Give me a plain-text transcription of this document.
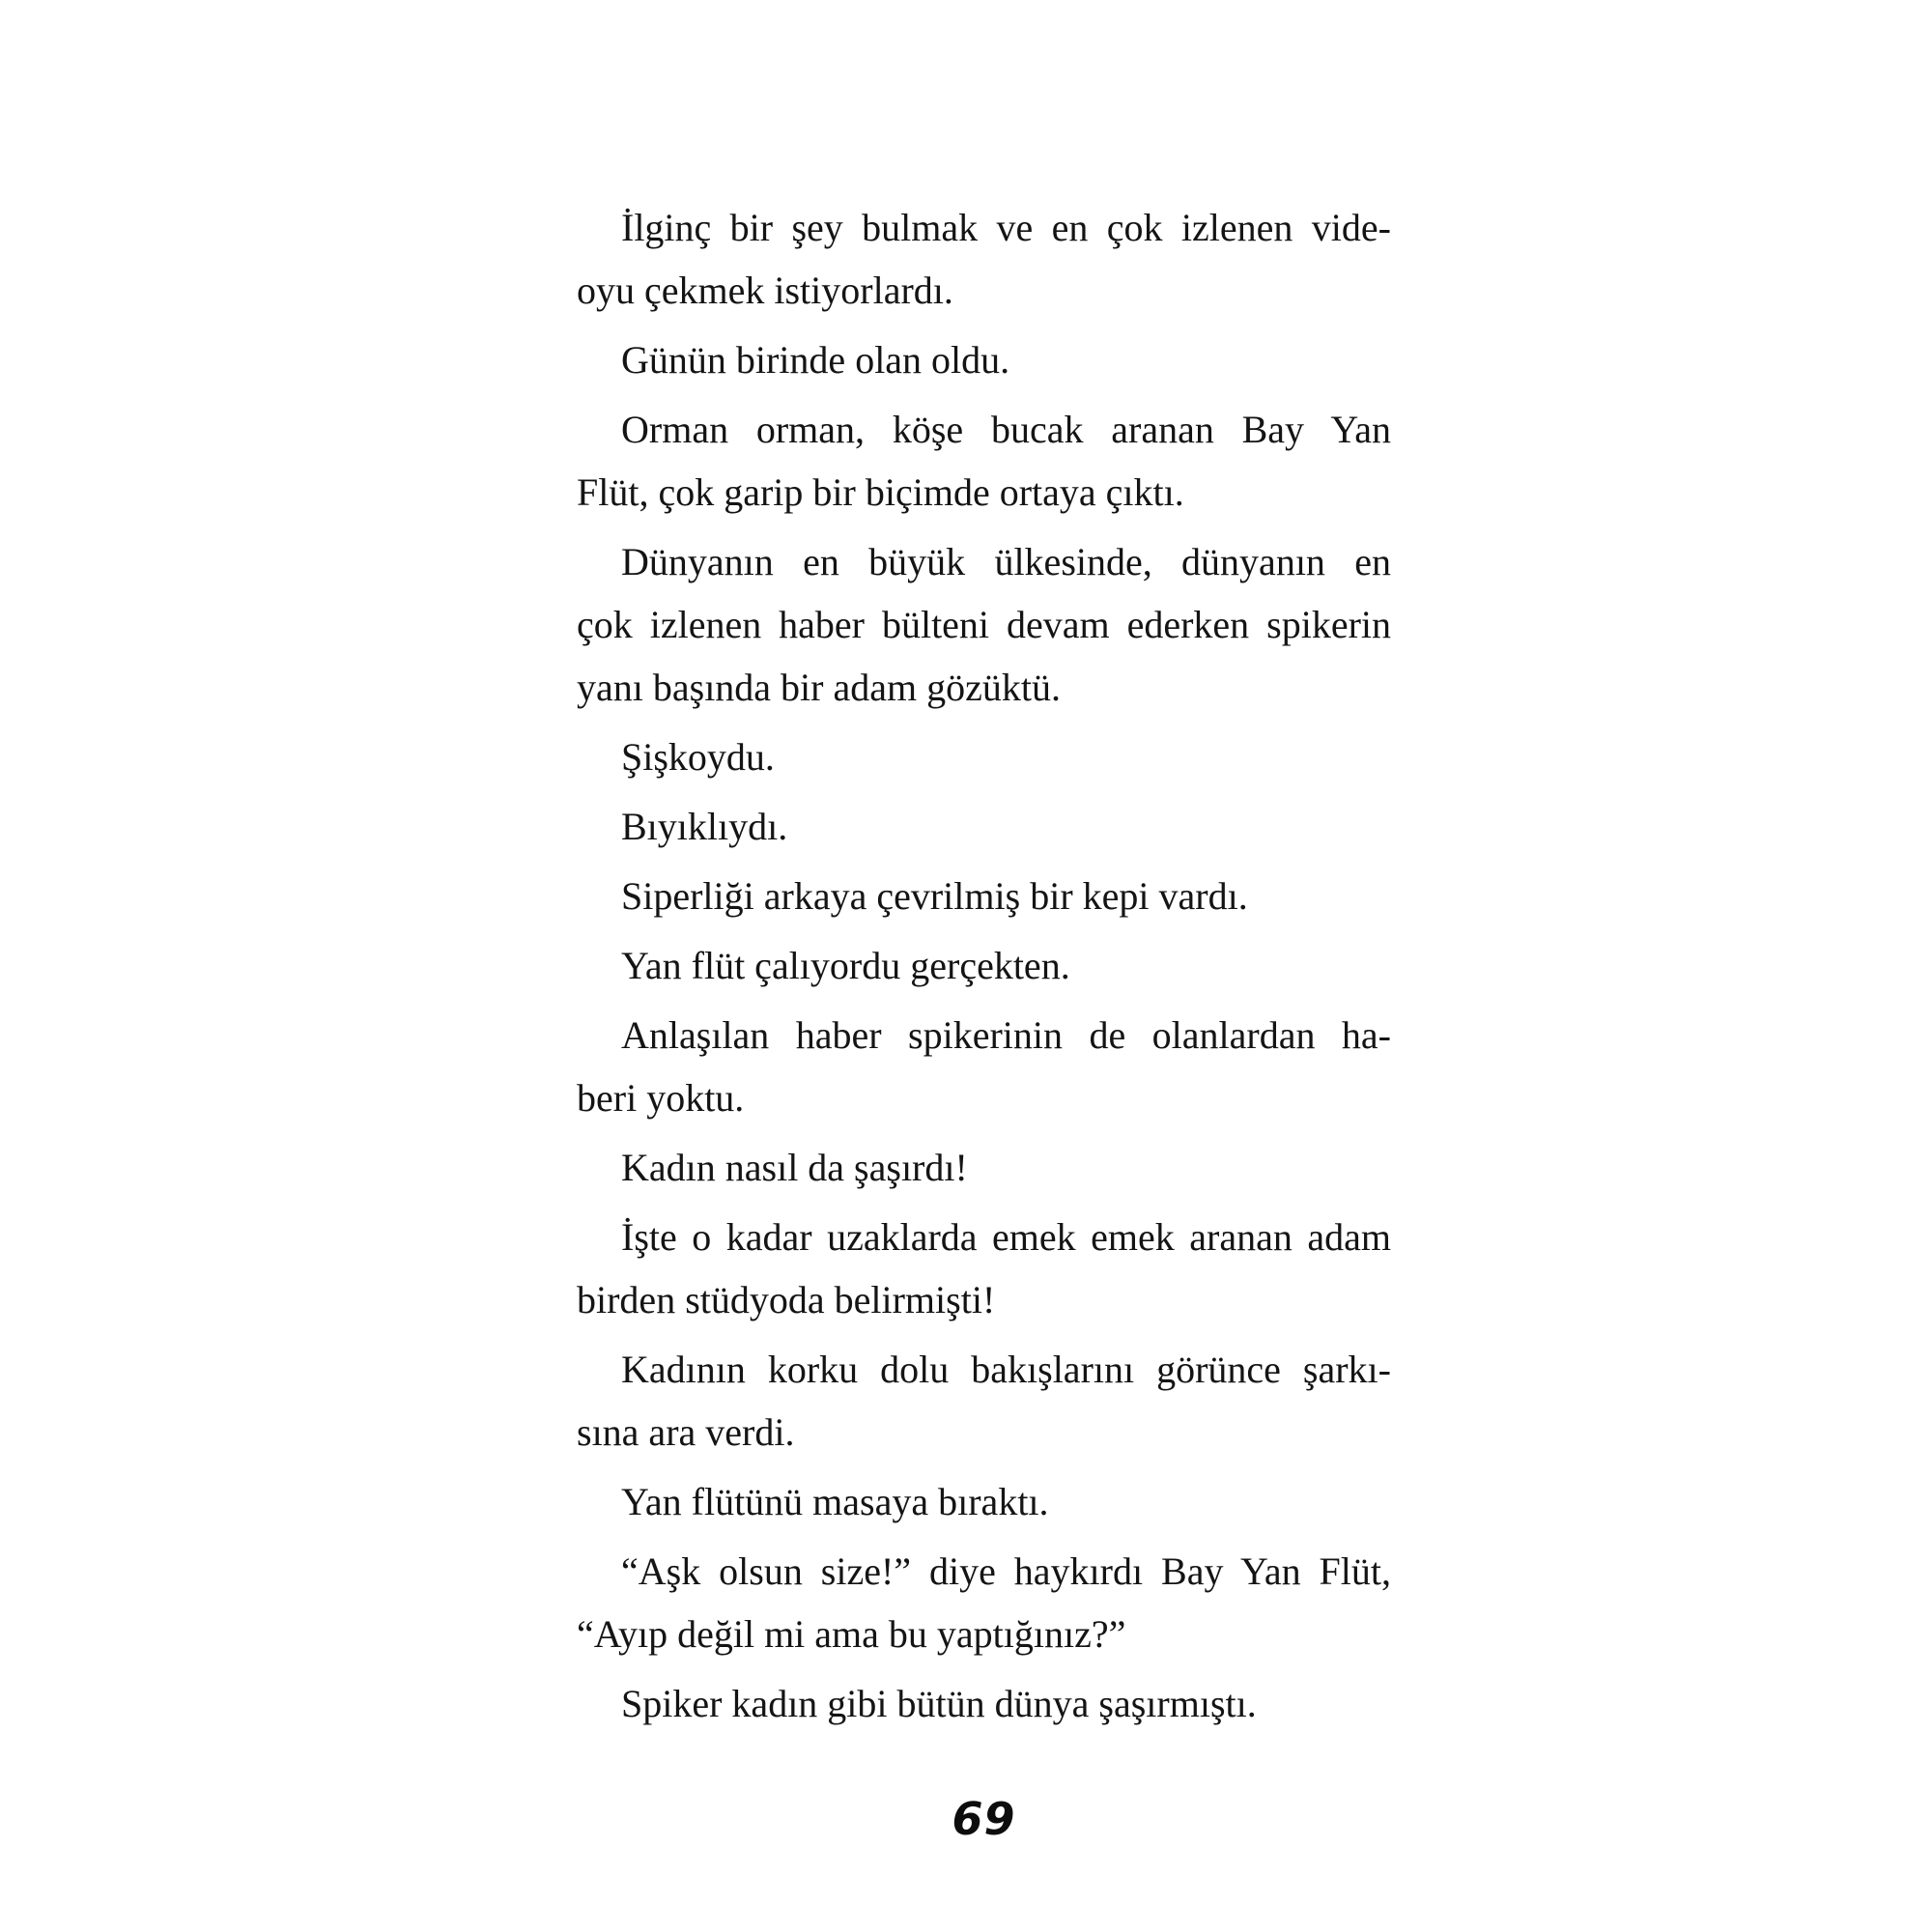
İlginç bir şey bulmak ve en çok izlenen vide-
oyu çekmek istiyorlardı.
Günün birinde olan oldu.
Orman orman, köşe bucak aranan Bay Yan
Flüt, çok garip bir biçimde ortaya çıktı.
Dünyanın en büyük ülkesinde, dünyanın en
çok izlenen haber bülteni devam ederken spikerin
yanı başında bir adam gözüktü.
Şişkoydu.
Bıyıklıydı.
Siperliği arkaya çevrilmiş bir kepi vardı.
Yan flüt çalıyordu gerçekten.
Anlaşılan haber spikerinin de olanlardan ha-
beri yoktu.
Kadın nasıl da şaşırdı!
İşte o kadar uzaklarda emek emek aranan adam
birden stüdyoda belirmişti!
Kadının korku dolu bakışlarını görünce şarkı-
sına ara verdi.
Yan flütünü masaya bıraktı.
“Aşk olsun size!” diye haykırdı Bay Yan Flüt,
“Ayıp değil mi ama bu yaptığınız?”
Spiker kadın gibi bütün dünya şaşırmıştı.
69
